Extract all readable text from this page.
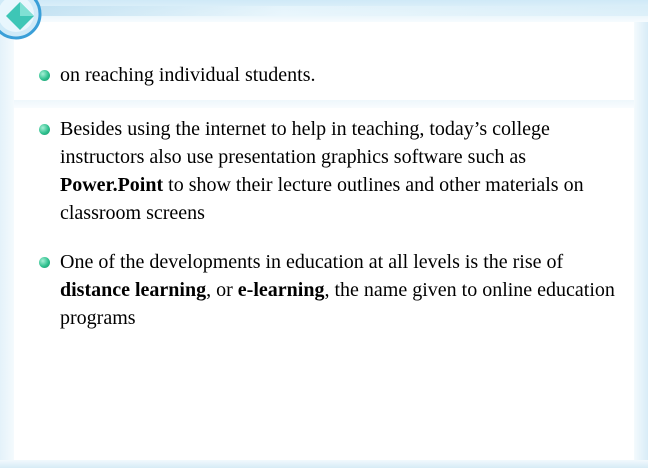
on reaching individual students.

Besides using the internet to help in teaching, today’s college instructors also use presentation graphics software such as Power.Point to show their lecture outlines and other materials on classroom screens

One of the developments in education at all levels is the rise of distance learning, or e-learning, the name given to online education programs
